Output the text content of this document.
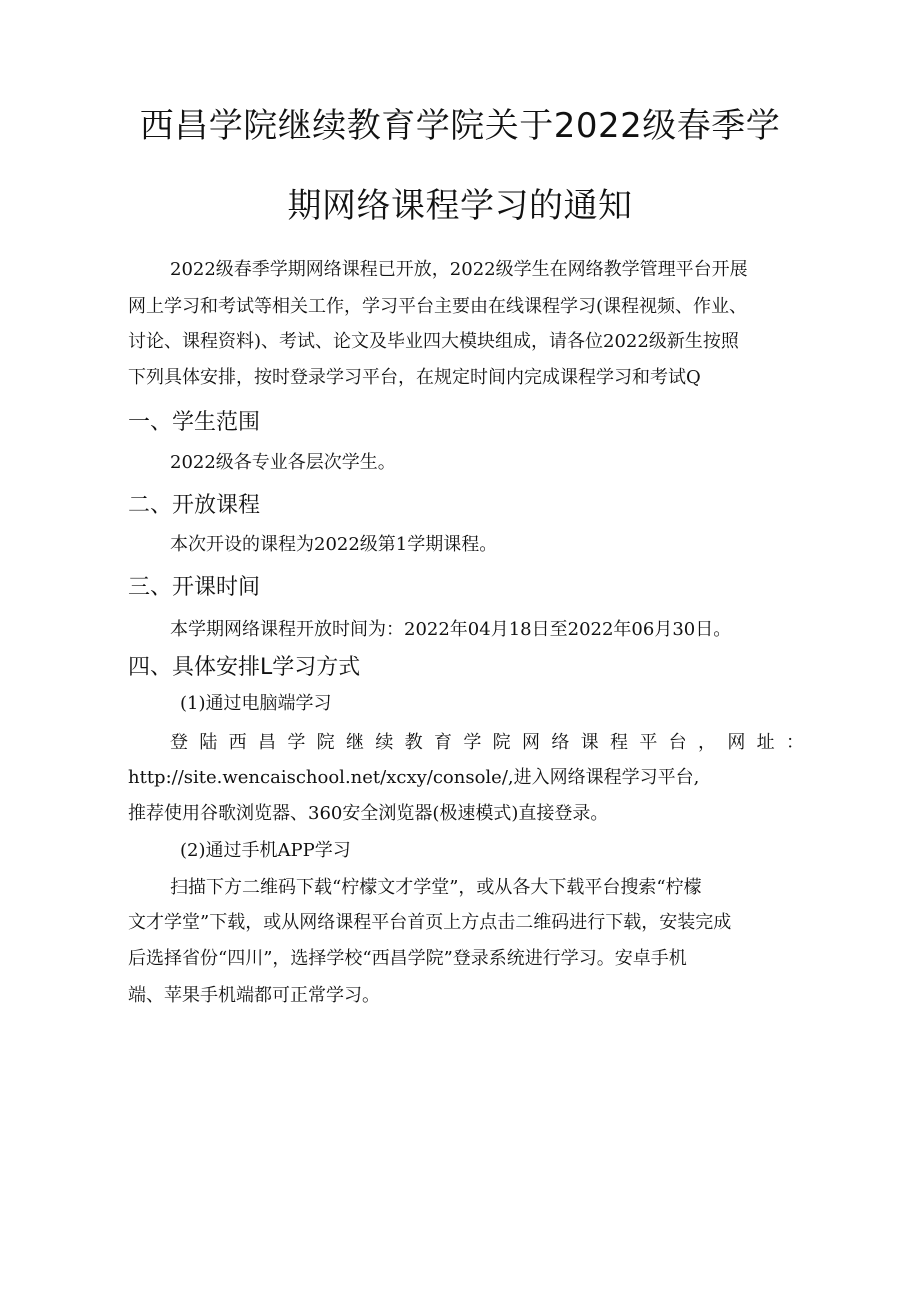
西昌学院继续教育学院关于2022级春季学
期网络课程学习的通知
2022级春季学期网络课程已开放，2022级学生在网络教学管理平台开展
网上学习和考试等相关工作，学习平台主要由在线课程学习(课程视频、作业、
讨论、课程资料)、考试、论文及毕业四大模块组成，请各位2022级新生按照
下列具体安排，按时登录学习平台，在规定时间内完成课程学习和考试Q
一、学生范围
2022级各专业各层次学生。
二、开放课程
本次开设的课程为2022级第1学期课程。
三、开课时间
本学期网络课程开放时间为：2022年04月18日至2022年06月30日。
四、具体安排L学习方式
(1)通过电脑端学习
登陆西昌学院继续教育学院网络课程平台，网址：
http://site.wencaischool.net/xcxy/console/,进入网络课程学习平台,
推荐使用谷歌浏览器、360安全浏览器(极速模式)直接登录。
(2)通过手机APP学习
扫描下方二维码下载“柠檬文才学堂”，或从各大下载平台搜索“柠檬
文才学堂”下载，或从网络课程平台首页上方点击二维码进行下载，安装完成
后选择省份“四川”，选择学校“西昌学院”登录系统进行学习。安卓手机
端、苹果手机端都可正常学习。
